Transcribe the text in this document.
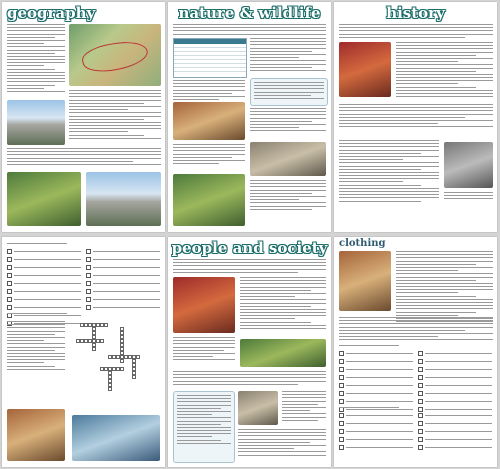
geography	nature & wildlife	history
people and society	clothing
